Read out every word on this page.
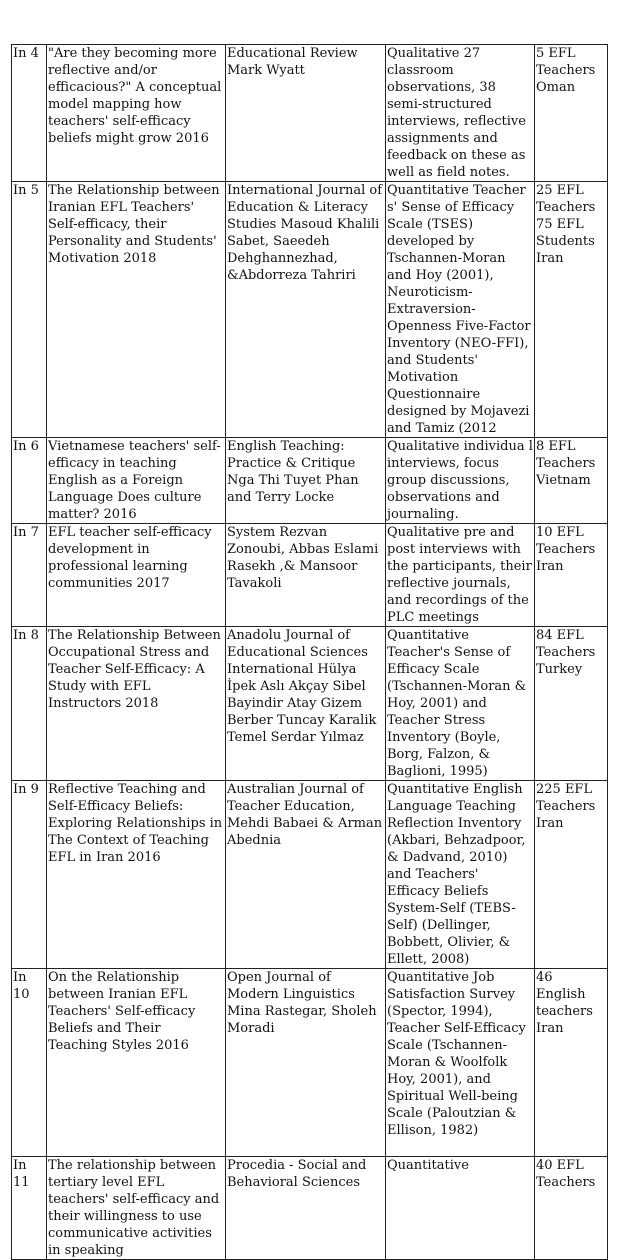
In 4	"Are they becoming more reflective and/or efficacious?" A conceptual model mapping how teachers' self-efficacy beliefs might grow 2016	Educational Review Mark Wyatt	Qualitative 27 classroom observations, 38 semi-structured interviews, reflective assignments and feedback on these as well as field notes.	5 EFL Teachers Oman
In 5	The Relationship between Iranian EFL Teachers' Self-efficacy, their Personality and Students' Motivation 2018	International Journal of Education & Literacy Studies Masoud Khalili Sabet, Saeedeh Dehghannezhad, &Abdorreza Tahriri	Quantitative Teacher s' Sense of Efficacy Scale (TSES) developed by Tschannen-Moran and Hoy (2001), Neuroticism-Extraversion-Openness Five-Factor Inventory (NEO-FFI), and Students' Motivation Questionnaire designed by Mojavezi and Tamiz (2012	25 EFL Teachers 75 EFL Students Iran
In 6	Vietnamese teachers' self-efficacy in teaching English as a Foreign Language Does culture matter? 2016	English Teaching: Practice & Critique Nga Thi Tuyet Phan and Terry Locke	Qualitative individua l interviews, focus group discussions, observations and journaling.	8 EFL Teachers Vietnam
In 7	EFL teacher self-efficacy development in professional learning communities 2017	System Rezvan Zonoubi, Abbas Eslami Rasekh ,& Mansoor Tavakoli	Qualitative pre and post interviews with the participants, their reflective journals, and recordings of the PLC meetings	10 EFL Teachers Iran
In 8	The Relationship Between Occupational Stress and Teacher Self-Efficacy: A Study with EFL Instructors 2018	Anadolu Journal of Educational Sciences International Hülya İpek Aslı Akçay Sibel Bayindir Atay Gizem Berber Tuncay Karalik Temel Serdar Yılmaz	Quantitative Teacher's Sense of Efficacy Scale (Tschannen-Moran & Hoy, 2001) and Teacher Stress Inventory (Boyle, Borg, Falzon, & Baglioni, 1995)	84 EFL Teachers Turkey
In 9	Reflective Teaching and Self-Efficacy Beliefs: Exploring Relationships in The Context of Teaching EFL in Iran 2016	Australian Journal of Teacher Education, Mehdi Babaei & Arman Abednia	Quantitative English Language Teaching Reflection Inventory (Akbari, Behzadpoor, & Dadvand, 2010) and Teachers' Efficacy Beliefs System-Self (TEBS-Self) (Dellinger, Bobbett, Olivier, & Ellett, 2008)	225 EFL Teachers Iran
In 10	On the Relationship between Iranian EFL Teachers' Self-efficacy Beliefs and Their Teaching Styles 2016	Open Journal of Modern Linguistics Mina Rastegar, Sholeh Moradi	Quantitative Job Satisfaction Survey (Spector, 1994), Teacher Self-Efficacy Scale (Tschannen- Moran & Woolfolk Hoy, 2001), and Spiritual Well-being Scale (Paloutzian & Ellison, 1982)	46 English teachers Iran
In 11	The relationship between tertiary level EFL teachers' self-efficacy and their willingness to use communicative activities in speaking	Procedia - Social and Behavioral Sciences	Quantitative	40 EFL Teachers
